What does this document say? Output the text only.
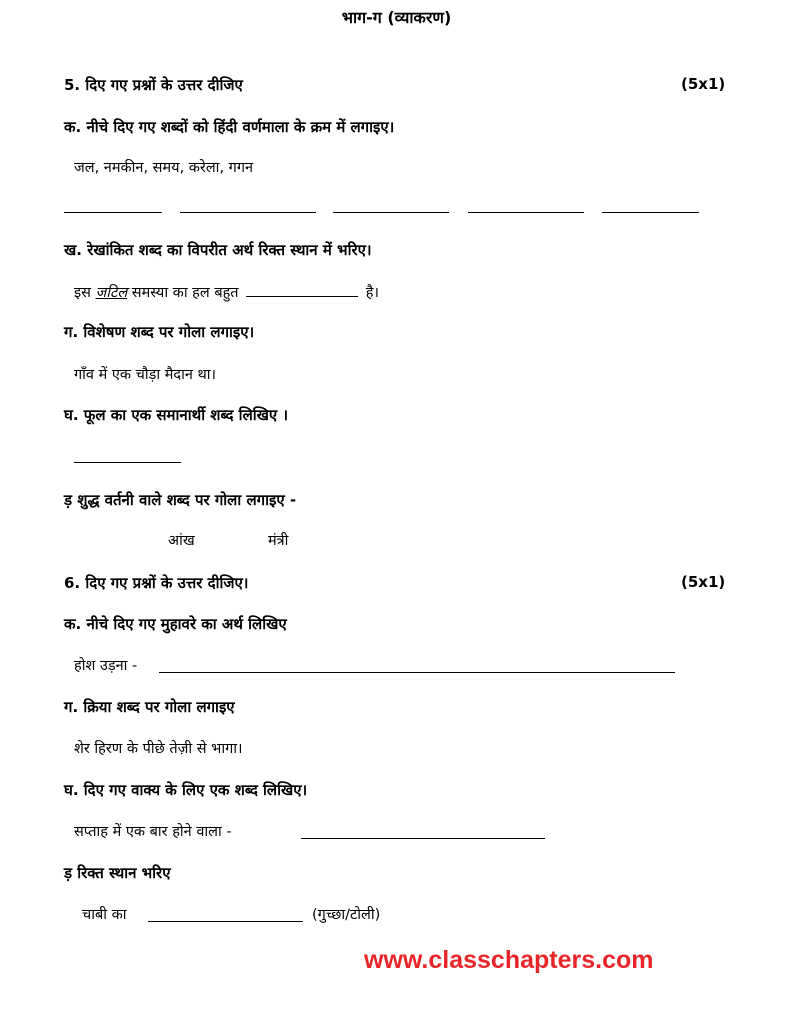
भाग-ग (व्याकरण)
5. दिए गए प्रश्नों के उत्तर दीजिए	(5x1)
क. नीचे दिए गए शब्दों को हिंदी वर्णमाला के क्रम में लगाइए।
जल, नमकीन, समय, करेला, गगन
ख. रेखांकित शब्द का विपरीत अर्थ रिक्त स्थान में भरिए।
इस जटिल समस्या का हल बहुत	है।
ग. विशेषण शब्द पर गोला लगाइए।
गाँव में एक चौड़ा मैदान था।
घ. फूल का एक समानार्थी शब्द लिखिए ।
ड़ शुद्ध वर्तनी वाले शब्द पर गोला लगाइए -
आंख	मंत्री
6. दिए गए प्रश्नों के उत्तर दीजिए।	(5x1)
क. नीचे दिए गए मुहावरे का अर्थ लिखिए
होश उड़ना -
ग. क्रिया शब्द पर गोला लगाइए
शेर हिरण के पीछे तेज़ी से भागा।
घ. दिए गए वाक्य के लिए एक शब्द लिखिए।
सप्ताह में एक बार होने वाला -
ड़ रिक्त स्थान भरिए
चाबी का	(गुच्छा/टोली)
www.classchapters.com
